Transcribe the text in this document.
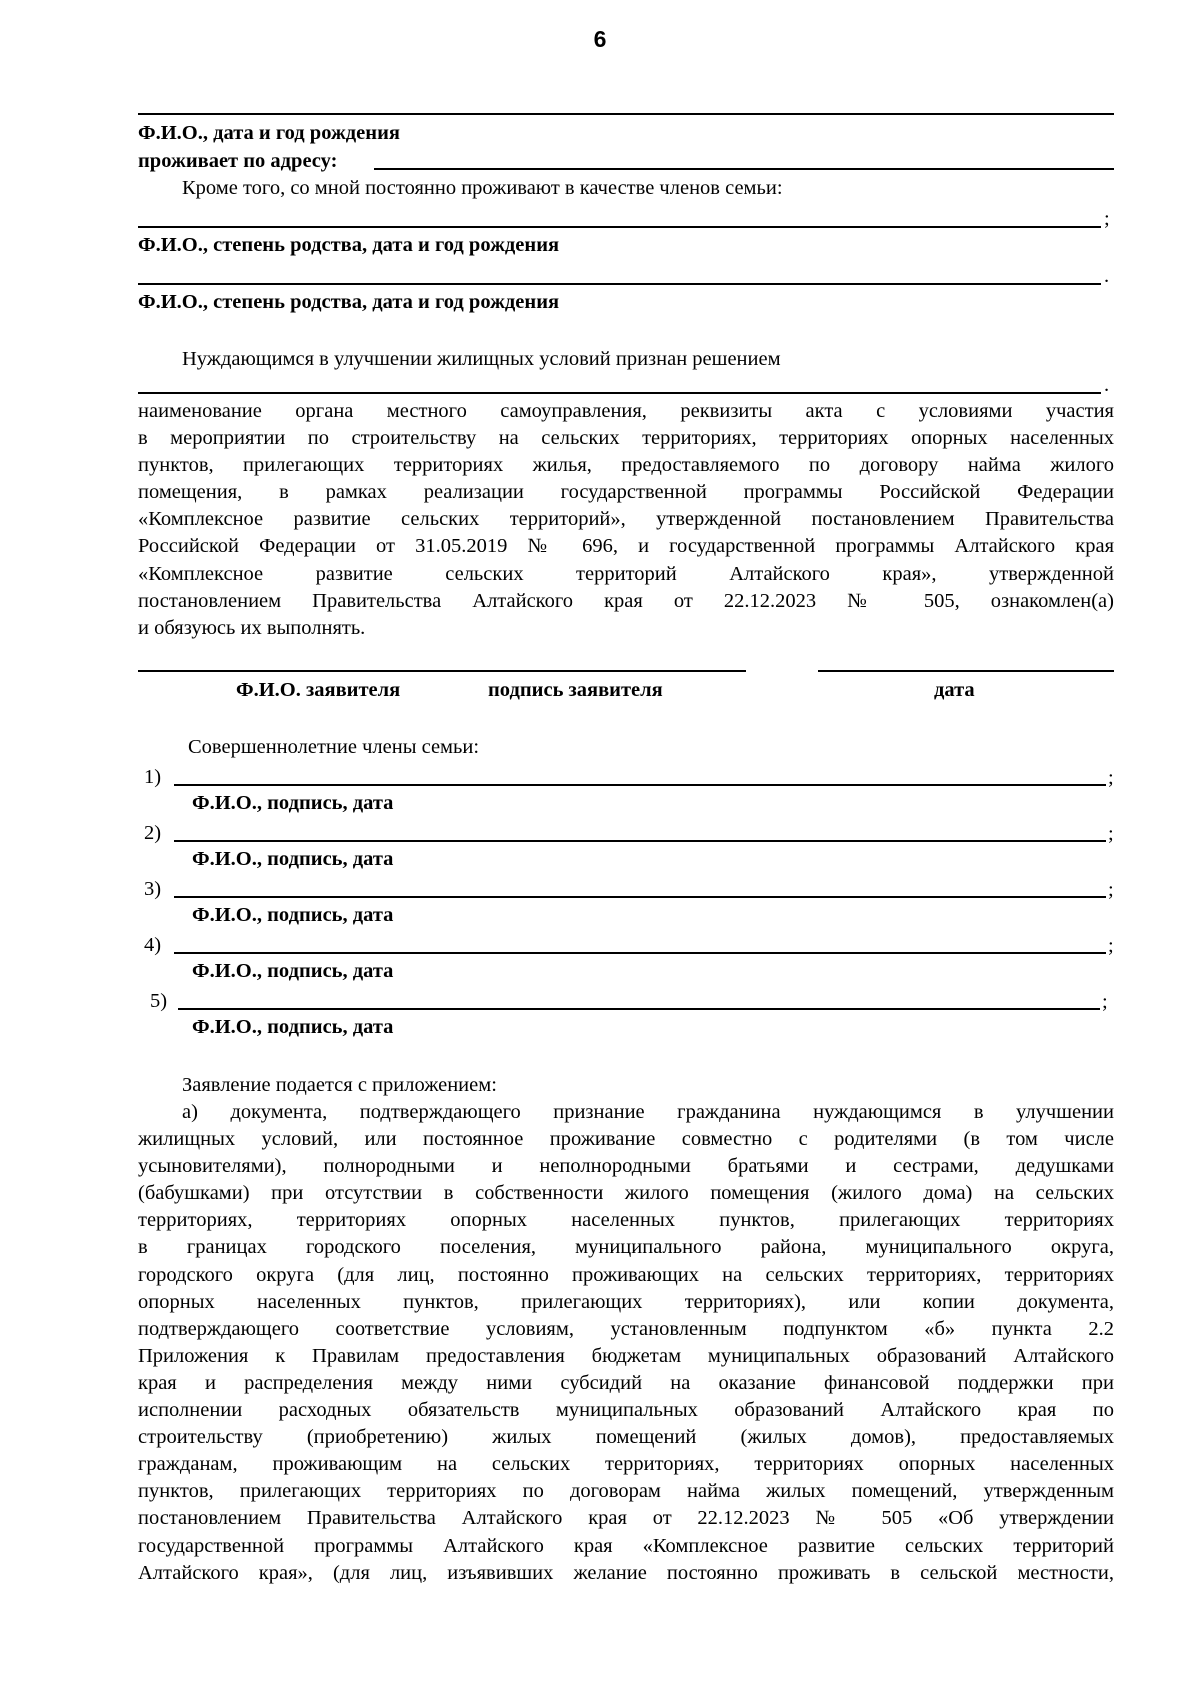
6
Ф.И.О., дата и год рождения
проживает по адресу:
Кроме того, со мной постоянно проживают в качестве членов семьи:
;
Ф.И.О., степень родства, дата и год рождения
.
Ф.И.О., степень родства, дата и год рождения
Нуждающимся в улучшении жилищных условий признан решением
.
наименование органа местного самоуправления, реквизиты акта с условиями участия
в мероприятии по строительству на сельских территориях, территориях опорных населенных
пунктов, прилегающих территориях жилья, предоставляемого по договору найма жилого
помещения, в рамках реализации государственной программы Российской Федерации
«Комплексное развитие сельских территорий», утвержденной постановлением Правительства
Российской Федерации от 31.05.2019 № 696, и государственной программы Алтайского края
«Комплексное развитие сельских территорий Алтайского края», утвержденной
постановлением Правительства Алтайского края от 22.12.2023 № 505, ознакомлен(а)
и обязуюсь их выполнять.
Ф.И.О. заявителя	подпись заявителя	дата
Совершеннолетние члены семьи:
1)	;
Ф.И.О., подпись, дата
2)	;
Ф.И.О., подпись, дата
3)	;
Ф.И.О., подпись, дата
4)	;
Ф.И.О., подпись, дата
5)	;
Ф.И.О., подпись, дата
Заявление подается с приложением:
а) документа, подтверждающего признание гражданина нуждающимся в улучшении
жилищных условий, или постоянное проживание совместно с родителями (в том числе
усыновителями), полнородными и неполнородными братьями и сестрами, дедушками
(бабушками) при отсутствии в собственности жилого помещения (жилого дома) на сельских
территориях, территориях опорных населенных пунктов, прилегающих территориях
в границах городского поселения, муниципального района, муниципального округа,
городского округа (для лиц, постоянно проживающих на сельских территориях, территориях
опорных населенных пунктов, прилегающих территориях), или копии документа,
подтверждающего соответствие условиям, установленным подпунктом «б» пункта 2.2
Приложения к Правилам предоставления бюджетам муниципальных образований Алтайского
края и распределения между ними субсидий на оказание финансовой поддержки при
исполнении расходных обязательств муниципальных образований Алтайского края по
строительству (приобретению) жилых помещений (жилых домов), предоставляемых
гражданам, проживающим на сельских территориях, территориях опорных населенных
пунктов, прилегающих территориях по договорам найма жилых помещений, утвержденным
постановлением Правительства Алтайского края от 22.12.2023 № 505 «Об утверждении
государственной программы Алтайского края «Комплексное развитие сельских территорий
Алтайского края», (для лиц, изъявивших желание постоянно проживать в сельской местности,
